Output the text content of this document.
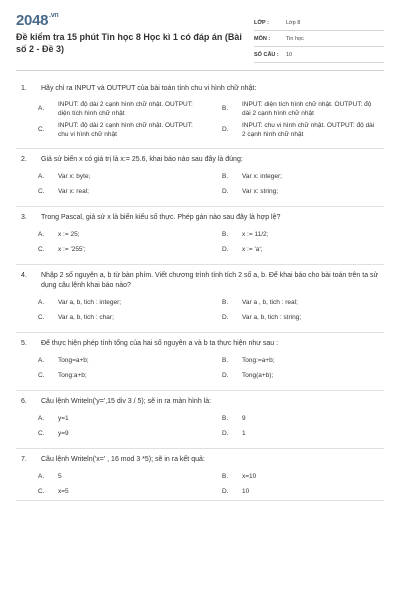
$2048^{.vn}$
Đề kiểm tra 15 phút Tin học 8 Học kì 1 có đáp án (Bài số 2 - Đề 3)
LỚP :	Lớp 8
MÔN :	Tin học
SỐ CÂU :	10
1.	Hãy chỉ ra INPUT và OUTPUT của bài toán tính chu vi hình chữ nhật:
A.
INPUT: độ dài 2 cạnh hình chữ nhật. OUTPUT: diện tích hình chữ nhật
B.
INPUT: diện tích hình chữ nhật. OUTPUT: độ dài 2 cạnh hình chữ nhật
C.
INPUT: độ dài 2 cạnh hình chữ nhật. OUTPUT: chu vi hình chữ nhật
D.
INPUT: chu vi hình chữ nhật. OUTPUT: độ dài 2 cạnh hình chữ nhật
2.	Giả sử biến x có giá trị là x:= 25.6, khai báo nào sau đây là đúng:
A.	Var x: byte;	B.	Var x: integer;
C.	Var x: real;	D.	Var x: string;
3.	Trong Pascal, giả sử x là biến kiểu số thực. Phép gán nào sau đây là hợp lệ?
A.	x := 25;	B.	x := 11/2;
C.	x := '255';	D.	x := 'a';
4.	Nhập 2 số nguyên a, b từ bàn phím. Viết chương trình tính tích 2 số a, b. Để khai báo cho bài toán trên ta sử dụng câu lệnh khai báo nào?
A.	Var a, b, tich : integer;	B.	Var a , b, tich : real;
C.	Var a, b, tich : char;	D.	Var a, b, tich : string;
5.	Để thực hiện phép tính tổng của hai số nguyên a và b ta thực hiện như sau :
A.	Tong=a+b;	B.	Tong:=a+b;
C.	Tong:a+b;	D.	Tong(a+b);
6.	Câu lệnh Writeln('y=',15 div 3 / 5); sẽ in ra màn hình là:
A.	y=1	B.	9
C.	y=9	D.	1
7.	Câu lệnh Writeln('x=' , 16 mod 3 *5); sẽ in ra kết quả:
A.	5	B.	x=10
C.	x=5	D.	10
